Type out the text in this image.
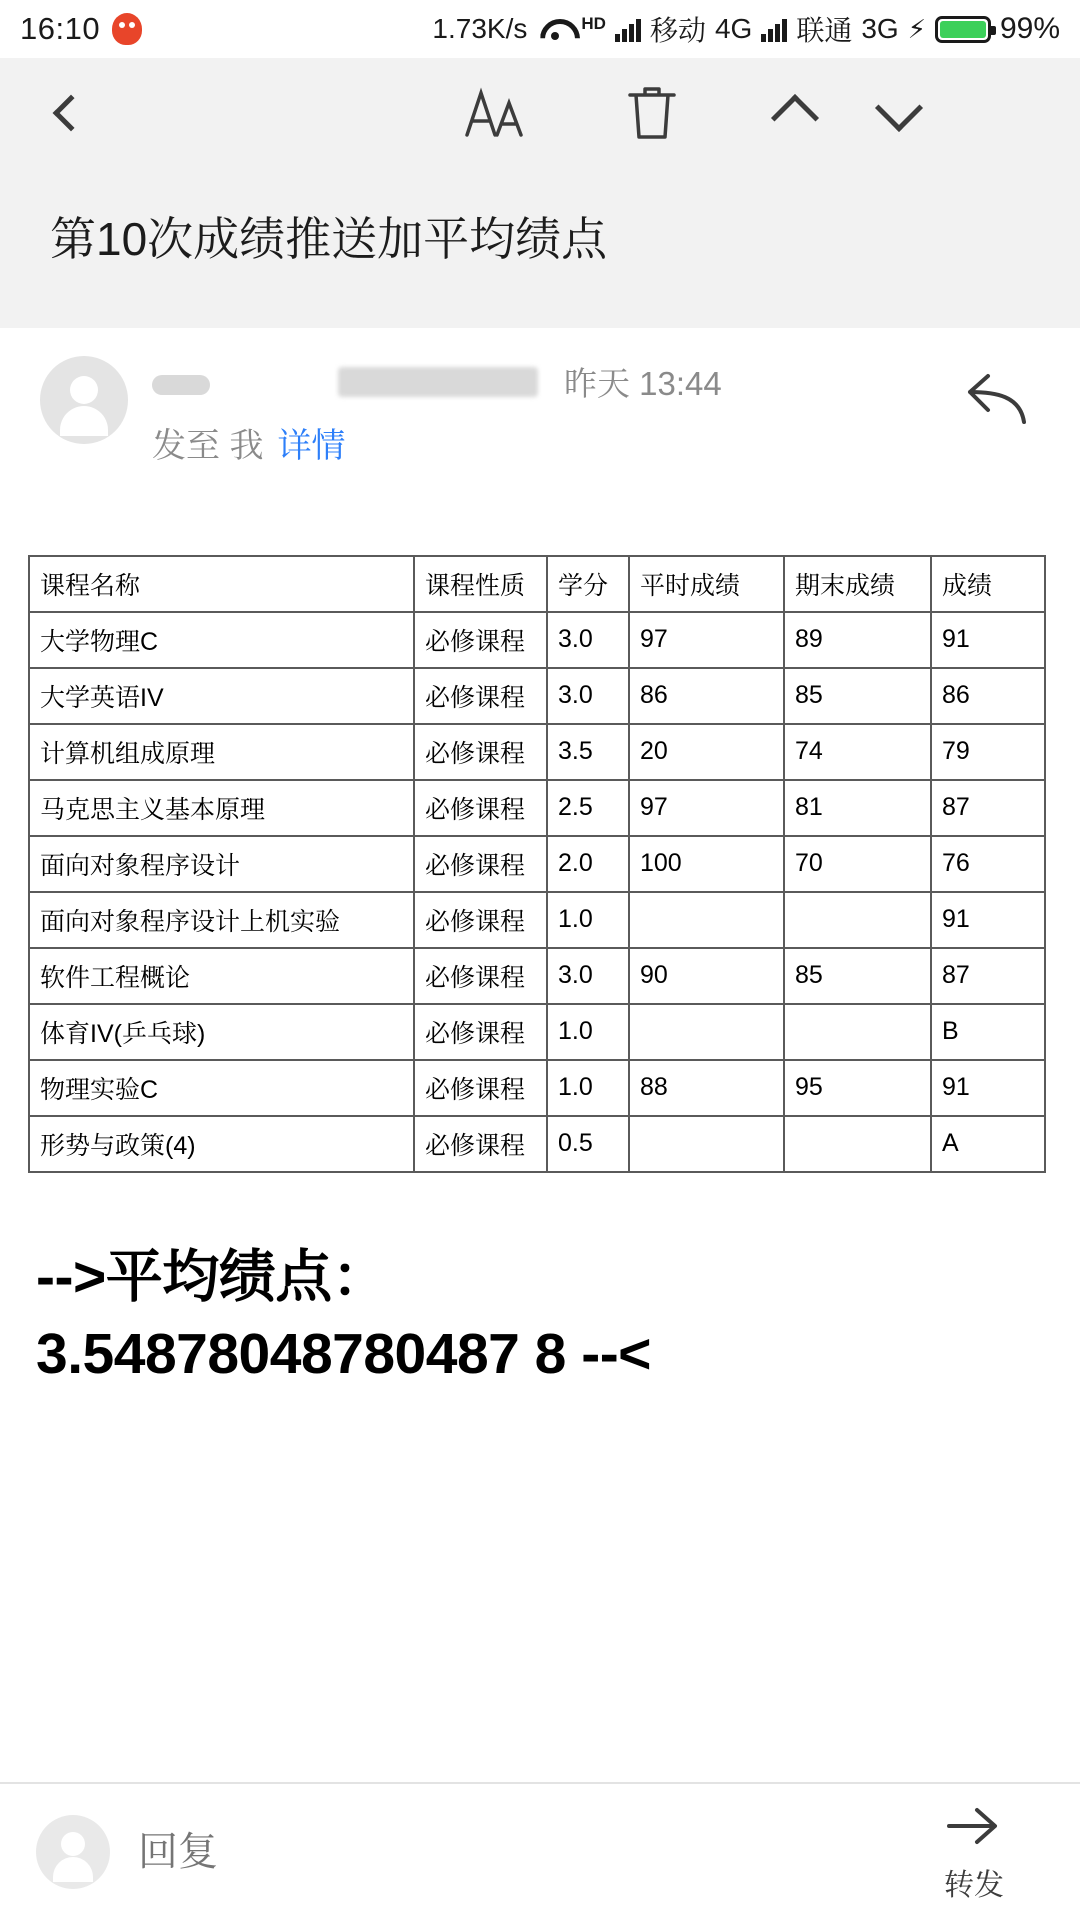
16:10	1.73K/s	HD 移动 4G 联通 3G ⚡ 99%
第10次成绩推送加平均绩点
昨天 13:44
发至 我 详情
课程名称	课程性质	学分	平时成绩	期末成绩	成绩
大学物理C	必修课程	3.0	97	89	91
大学英语IV	必修课程	3.0	86	85	86
计算机组成原理	必修课程	3.5	20	74	79
马克思主义基本原理	必修课程	2.5	97	81	87
面向对象程序设计	必修课程	2.0	100	70	76
面向对象程序设计上机实验	必修课程	1.0			91
软件工程概论	必修课程	3.0	90	85	87
体育IV(乒乓球)	必修课程	1.0			B
物理实验C	必修课程	1.0	88	95	91
形势与政策(4)	必修课程	0.5			A
-->平均绩点：
3.54878048780487 8 --<
回复
转发
